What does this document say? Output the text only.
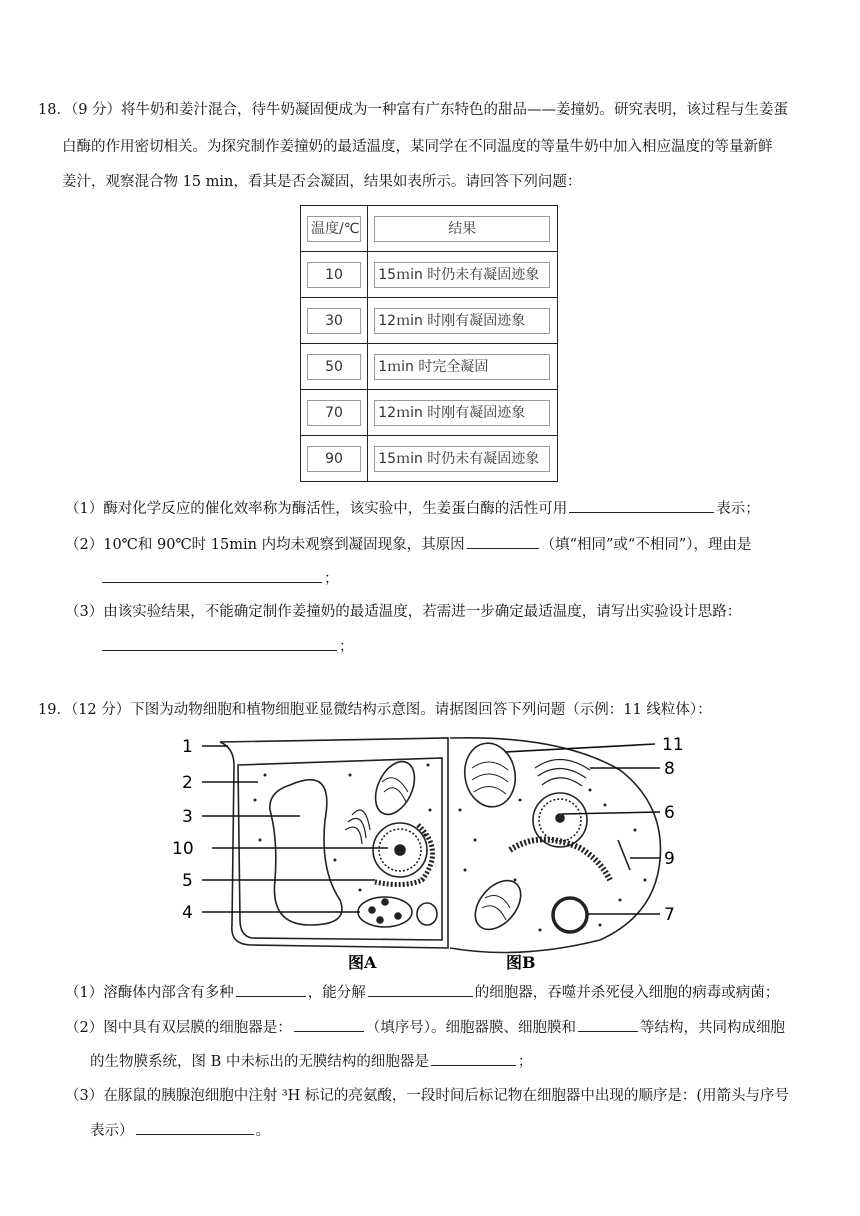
18．（9 分）将牛奶和姜汁混合，待牛奶凝固便成为一种富有广东特色的甜品——姜撞奶。研究表明，该过程与生姜蛋
白酶的作用密切相关。为探究制作姜撞奶的最适温度，某同学在不同温度的等量牛奶中加入相应温度的等量新鲜
姜汁，观察混合物 15 min，看其是否会凝固，结果如表所示。请回答下列问题：
温度/℃	结果

10	15ｍin 时仍未有凝固迹象

30	12ｍin 时刚有凝固迹象

50	1ｍin 时完全凝固

70	12ｍin 时刚有凝固迹象

90	15ｍin 时仍未有凝固迹象
（1）酶对化学反应的催化效率称为酶活性，该实验中，生姜蛋白酶的活性可用	表示；
（2）10℃和 90℃时 15min 内均未观察到凝固现象，其原因	（填“相同”或“不相同”），理由是
；
（3）由该实验结果，不能确定制作姜撞奶的最适温度，若需进一步确定最适温度，请写出实验设计思路：
；
19．（12 分）下图为动物细胞和植物细胞亚显微结构示意图。请据图回答下列问题（示例：11 线粒体）：
1
2
3
10
5
4
11
8
6
9
7
图A	图B
（1）溶酶体内部含有多种	，能分解	的细胞器，吞噬并杀死侵入细胞的病毒或病菌；
（2）图中具有双层膜的细胞器是：	（填序号）。细胞器膜、细胞膜和	等结构，共同构成细胞
的生物膜系统，图 B 中未标出的无膜结构的细胞器是	；
（3）在豚鼠的胰腺泡细胞中注射 ³H 标记的亮氨酸，一段时间后标记物在细胞器中出现的顺序是：(用箭头与序号
表示）	。
